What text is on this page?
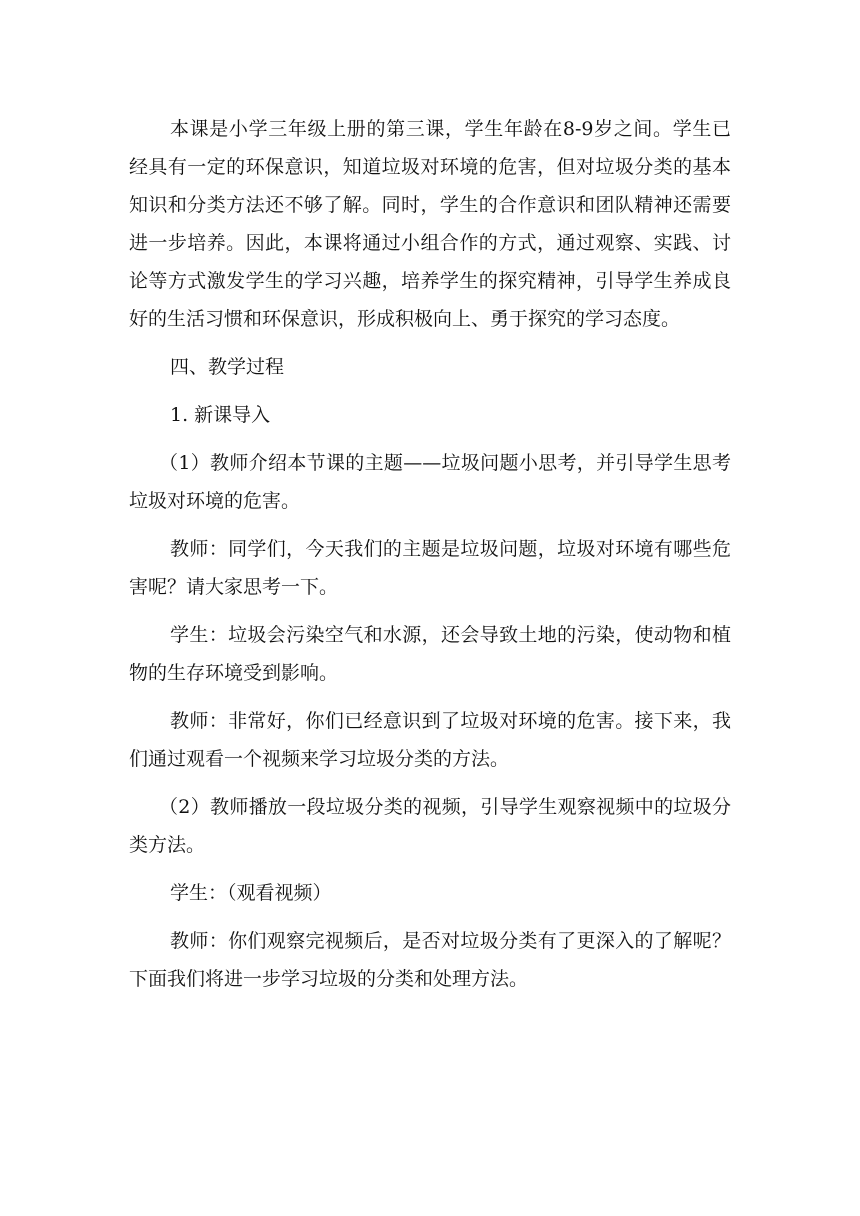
本课是小学三年级上册的第三课，学生年龄在8-9岁之间。学生已经具有一定的环保意识，知道垃圾对环境的危害，但对垃圾分类的基本知识和分类方法还不够了解。同时，学生的合作意识和团队精神还需要进一步培养。因此，本课将通过小组合作的方式，通过观察、实践、讨论等方式激发学生的学习兴趣，培养学生的探究精神，引导学生养成良好的生活习惯和环保意识，形成积极向上、勇于探究的学习态度。

四、教学过程

1. 新课导入

（1）教师介绍本节课的主题——垃圾问题小思考，并引导学生思考垃圾对环境的危害。

教师：同学们，今天我们的主题是垃圾问题，垃圾对环境有哪些危害呢？请大家思考一下。

学生：垃圾会污染空气和水源，还会导致土地的污染，使动物和植物的生存环境受到影响。

教师：非常好，你们已经意识到了垃圾对环境的危害。接下来，我们通过观看一个视频来学习垃圾分类的方法。

（2）教师播放一段垃圾分类的视频，引导学生观察视频中的垃圾分类方法。

学生：（观看视频）

教师：你们观察完视频后，是否对垃圾分类有了更深入的了解呢？下面我们将进一步学习垃圾的分类和处理方法。
